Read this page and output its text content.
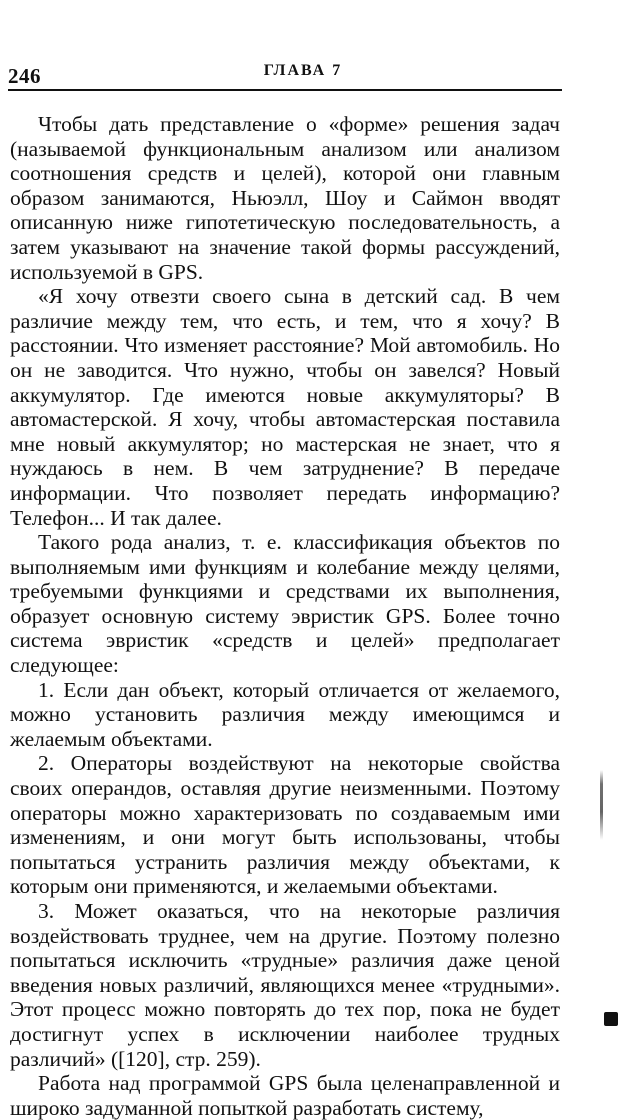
246	ГЛАВА 7

Чтобы дать представление о «форме» решения задач (называемой функциональным анализом или анализом соотношения средств и целей), которой они главным образом занимаются, Ньюэлл, Шоу и Саймон вводят описанную ниже гипотетическую последовательность, а затем указывают на значение такой формы рассуждений, используемой в GPS.

«Я хочу отвезти своего сына в детский сад. В чем различие между тем, что есть, и тем, что я хочу? В расстоянии. Что изменяет расстояние? Мой автомобиль. Но он не заводится. Что нужно, чтобы он завелся? Новый аккумулятор. Где имеются новые аккумуляторы? В автомастерской. Я хочу, чтобы автомастерская поставила мне новый аккумулятор; но мастерская не знает, что я нуждаюсь в нем. В чем затруднение? В передаче информации. Что позволяет передать информацию? Телефон... И так далее.

Такого рода анализ, т. е. классификация объектов по выполняемым ими функциям и колебание между целями, требуемыми функциями и средствами их выполнения, образует основную систему эвристик GPS. Более точно система эвристик «средств и целей» предполагает следующее:

1. Если дан объект, который отличается от желаемого, можно установить различия между имеющимся и желаемым объектами.

2. Операторы воздействуют на некоторые свойства своих операндов, оставляя другие неизменными. Поэтому операторы можно характеризовать по создаваемым ими изменениям, и они могут быть использованы, чтобы попытаться устранить различия между объектами, к которым они применяются, и желаемыми объектами.

3. Может оказаться, что на некоторые различия воздействовать труднее, чем на другие. Поэтому полезно попытаться исключить «трудные» различия даже ценой введения новых различий, являющихся менее «трудными». Этот процесс можно повторять до тех пор, пока не будет достигнут успех в исключении наиболее трудных различий» ([120], стр. 259).

Работа над программой GPS была целенаправленной и широко задуманной попыткой разработать систему,
